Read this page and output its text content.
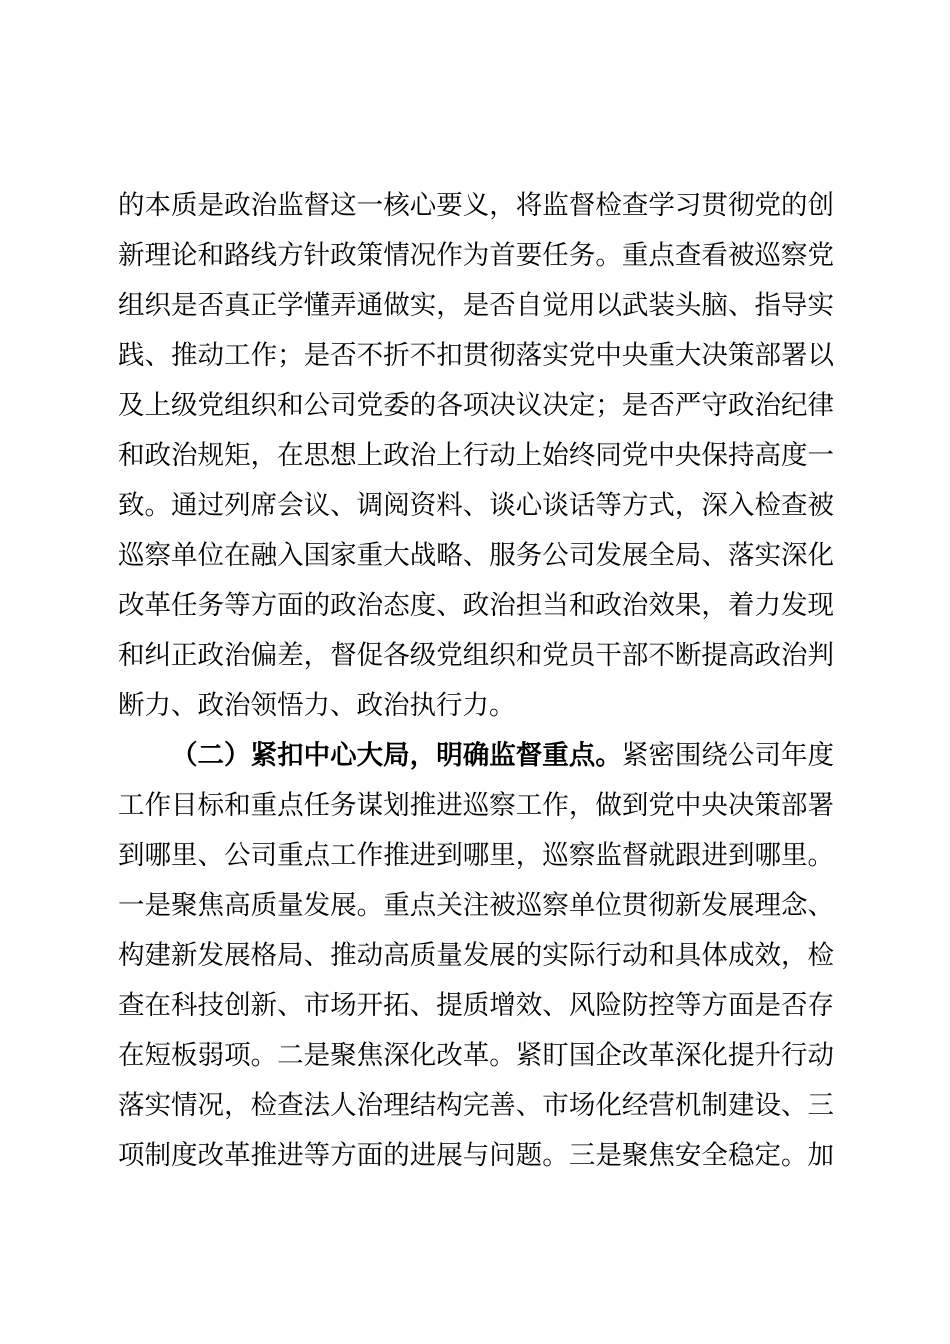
的本质是政治监督这一核心要义，将监督检查学习贯彻党的创
新理论和路线方针政策情况作为首要任务。重点查看被巡察党
组织是否真正学懂弄通做实，是否自觉用以武装头脑、指导实
践、推动工作；是否不折不扣贯彻落实党中央重大决策部署以
及上级党组织和公司党委的各项决议决定；是否严守政治纪律
和政治规矩，在思想上政治上行动上始终同党中央保持高度一
致。通过列席会议、调阅资料、谈心谈话等方式，深入检查被
巡察单位在融入国家重大战略、服务公司发展全局、落实深化
改革任务等方面的政治态度、政治担当和政治效果，着力发现
和纠正政治偏差，督促各级党组织和党员干部不断提高政治判
断力、政治领悟力、政治执行力。
（二）紧扣中心大局，明确监督重点。紧密围绕公司年度
工作目标和重点任务谋划推进巡察工作，做到党中央决策部署
到哪里、公司重点工作推进到哪里，巡察监督就跟进到哪里。
一是聚焦高质量发展。重点关注被巡察单位贯彻新发展理念、
构建新发展格局、推动高质量发展的实际行动和具体成效，检
查在科技创新、市场开拓、提质增效、风险防控等方面是否存
在短板弱项。二是聚焦深化改革。紧盯国企改革深化提升行动
落实情况，检查法人治理结构完善、市场化经营机制建设、三
项制度改革推进等方面的进展与问题。三是聚焦安全稳定。加
